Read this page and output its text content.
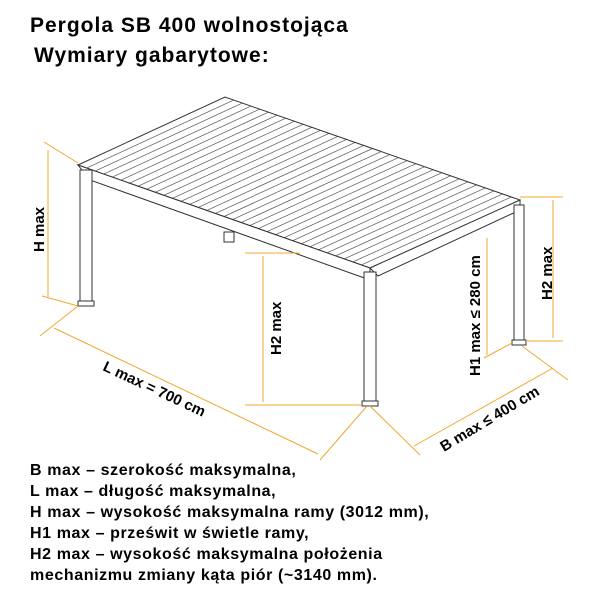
Pergola SB 400 wolnostojąca
Wymiary gabarytowe:
H max
L max = 700 cm
H2 max	H1 max ≤ 280 cm	H2 max
B max ≤ 400 cm
B max – szerokość maksymalna,
L max – długość maksymalna,
H max – wysokość maksymalna ramy (3012 mm),
H1 max – prześwit w świetle ramy,
H2 max – wysokość maksymalna położenia
mechanizmu zmiany kąta piór (~3140 mm).
